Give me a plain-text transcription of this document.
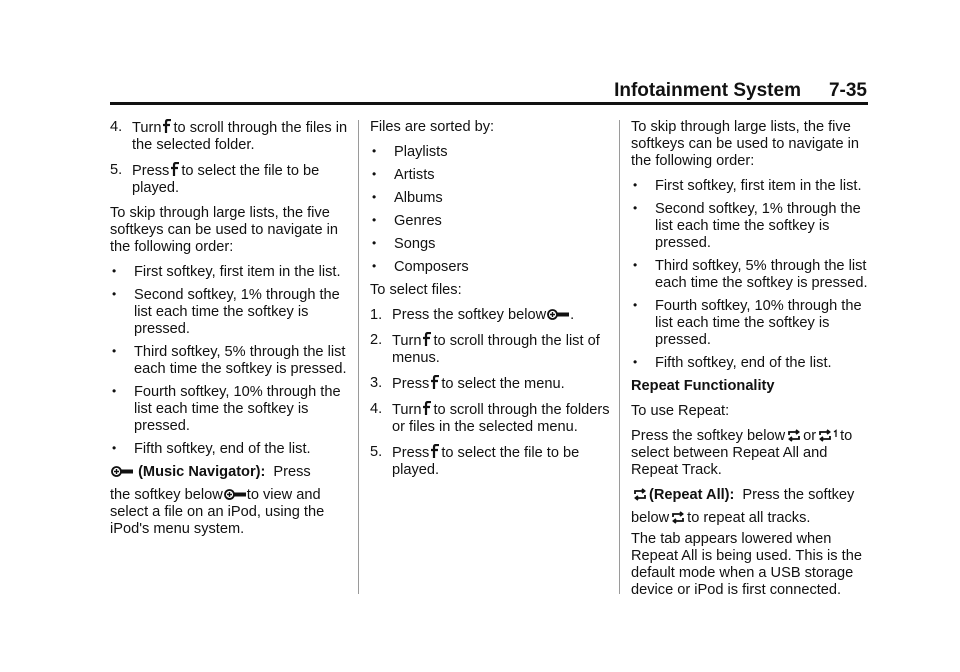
Infotainment System 7-35
4. Turn to scroll through the files in the selected folder.
5. Press to select the file to be played.

To skip through large lists, the five softkeys can be used to navigate in the following order:

•	First softkey, first item in the list.
•	Second softkey, 1% through the list each time the softkey is pressed.
•	Third softkey, 5% through the list each time the softkey is pressed.
•	Fourth softkey, 10% through the list each time the softkey is pressed.
•	Fifth softkey, end of the list.

(Music Navigator): Press

the softkey below to view and select a file on an iPod, using the iPod's menu system.

Files are sorted by:

•	Playlists
•	Artists
•	Albums
•	Genres
•	Songs
•	Composers

To select files:

1. Press the softkey below .
2. Turn to scroll through the list of menus.
3. Press to select the menu.
4. Turn to scroll through the folders or files in the selected menu.
5. Press to select the file to be played.

To skip through large lists, the five softkeys can be used to navigate in the following order:

•	First softkey, first item in the list.
•	Second softkey, 1% through the list each time the softkey is pressed.
•	Third softkey, 5% through the list each time the softkey is pressed.
•	Fourth softkey, 10% through the list each time the softkey is pressed.
•	Fifth softkey, end of the list.

Repeat Functionality

To use Repeat:

Press the softkey below or to select between Repeat All and Repeat Track.

(Repeat All): Press the softkey

below to repeat all tracks.

The tab appears lowered when Repeat All is being used. This is the default mode when a USB storage device or iPod is first connected.
